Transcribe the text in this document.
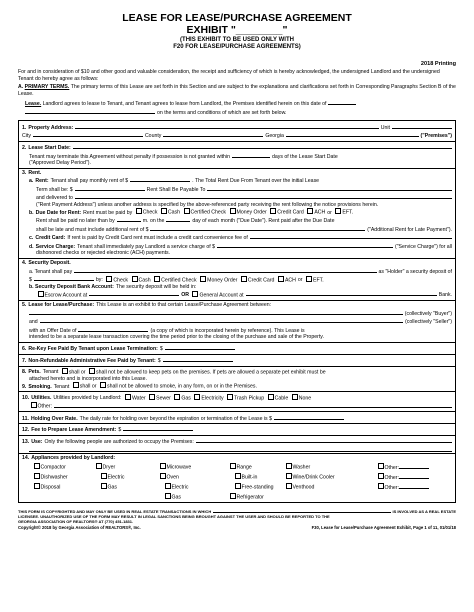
LEASE FOR LEASE/PURCHASE AGREEMENT
EXHIBIT "________"
(THIS EXHIBIT TO BE USED ONLY WITH
F20 FOR LEASE/PURCHASE AGREEMENTS)
2018 Printing
For and in consideration of $10 and other good and valuable consideration, the receipt and sufficiency of which is hereby acknowledged, the undersigned Landlord and the undersigned Tenant do hereby agree as follows:
A. PRIMARY TERMS. The primary terms of this Lease are set forth in this Section and are subject to the explanations and clarifications set forth in Corresponding Paragraphs Section B of the Lease.
Lease. Landlord agrees to lease to Tenant, and Tenant agrees to lease from Landlord, the Premises identified herein on this date of
on the terms and conditions of which are set forth below.
1. Property Address:	Unit
City	County	Georgia	("Premises")
2. Lease Start Date:
Tenant may terminate this Agreement without penalty if possession is not granted within	days of the Lease Start Date
("Approved Delay Period").
3. Rent.
a. Rent: Tenant shall pay monthly rent of $	. The Total Rent Due From Tenant over the initial Lease
Term shall be: $	Rent Shall Be Payable To
and delivered to
("Rent Payment Address") unless another address is specified by the above-referenced party receiving the rent following the notice provisions herein.
b. Due Date for Rent: Rent must be paid by	Check	Cash	Certified Check	Money Order	Credit Card	ACH or	EFT.
Rent shall be paid no later than by	m. on the	day of each month ("Due Date"). Rent paid after the Due Date
shall be late and must include additional rent of $	("Additional Rent for Late Payment").
c. Credit Card: If rent is paid by Credit Card rent must include a credit card convenience fee of
d. Service Charge: Tenant shall immediately pay Landlord a service charge of $	("Service Charge") for all
dishonored checks or rejected electronic (ACH) payments.
4. Security Deposit.
a. Tenant shall pay	as "Holder" a security deposit of
$	by:	Check	Cash	Certified Check	Money Order	Credit Card	ACH or	EFT.
b. Security Deposit Bank Account: The security deposit will be held in:
Escrow Account at	OR	General Account at	Bank.
5. Lease for Lease/Purchase: This Lease is an exhibit to that certain Lease/Purchase Agreement between:
(collectively "Buyer")
and	(collectively "Seller")
with an Offer Date of	(a copy of which is incorporated herein by reference). This Lease is
intended to be a separate lease transaction covering the time period prior to the closing of the purchase and sale of the Property.
6. Re-Key Fee Paid By Tenant upon Lease Termination: $
7. Non-Refundable Administrative Fee Paid by Tenant: $
8. Pets. Tenant	shall or	shall not be allowed to keep pets on the premises. If pets are allowed a separate pet exhibit must be
attached hereto and is incorporated into this Lease.
9. Smoking. Tenant	shall or	shall not be allowed to smoke, in any form, on or in the Premises.
10. Utilities. Utilities provided by Landlord:	Water	Sewer	Gas	Electricity	Trash Pickup	Cable	None
Other:
11. Holding Over Rate. The daily rate for holding over beyond the expiration or termination of the Lease is $
12. Fee to Prepare Lease Amendment: $
13. Use: Only the following people are authorized to occupy the Premises:
14. Appliances provided by Landlord:
Compactor	Dryer	Microwave	Range	Washer	Other:
Dishwasher	Electric	Oven	Built-in	Wine/Drink Cooler	Other:
Disposal	Gas	Electric	Free-standing	Venthood	Other:
Gas	Refrigerator
THIS FORM IS COPYRIGHTED AND MAY ONLY BE USED IN REAL ESTATE TRANSACTIONS IN WHICH	IS INVOLVED AS A REAL ESTATE
LICENSEE. UNAUTHORIZED USE OF THE FORM MAY RESULT IN LEGAL SANCTIONS BEING BROUGHT AGAINST THE USER AND SHOULD BE REPORTED TO THE
GEORGIA ASSOCIATION OF REALTORS® AT (770) 451-1831.
Copyright© 2018 by Georgia Association of REALTORS®, Inc.	F30, Lease for Lease/Purchase Agreement Exhibit, Page 1 of 11, 01/01/18
